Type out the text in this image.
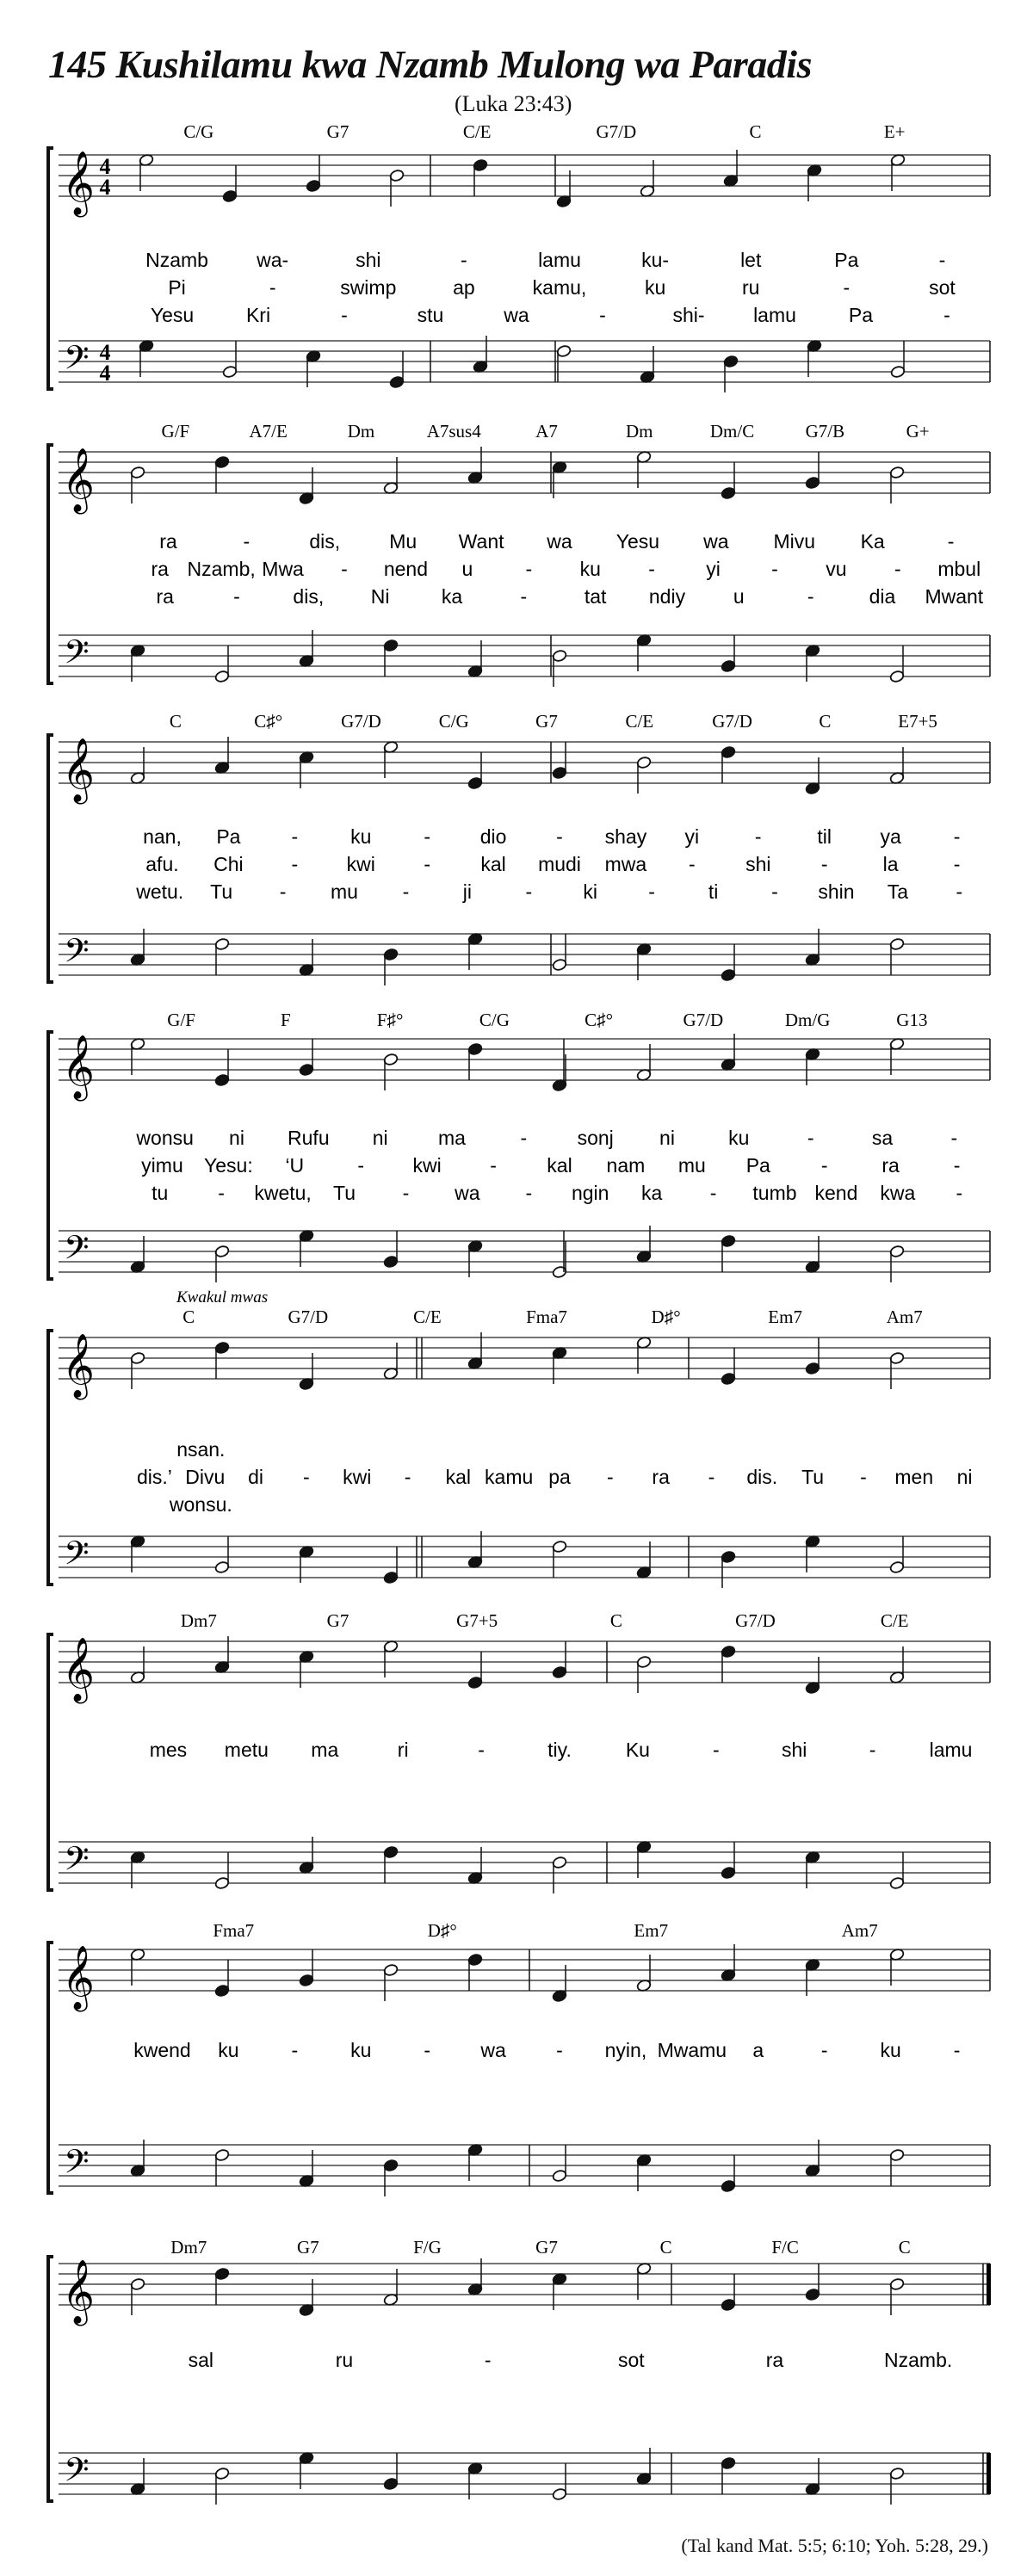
145 Kushilamu kwa Nzamb Mulong wa Paradis
(Luka 23:43)
𝄞
𝄢
4
4
4
4
C/G	G7	C/E	G7/D	C	E+
Nzamb wa-	shi	-	lamu	ku-	let	Pa	-
Pi	-	swimp	ap	kamu,	ku	ru	-	sot
Yesu	Kri	-	stu	wa	-	shi- lamu	Pa	-
𝄞
𝄢
G/F	A7/E	Dm	A7sus4	A7	Dm	Dm/C	G7/B	G+
ra	-	dis, Mu Want wa Yesu wa Mivu Ka	-
ra Nzamb, Mwa - nend u	- ku -	yi	- vu - mbul
ra	-	dis, Ni	ka	-	tat ndiy u	-	dia Mwant
𝄞
𝄢
C	C♯°	G7/D	C/G	G7	C/E	G7/D	C	E7+5
nan, Pa	-	ku	-	dio	- shay yi	-	til ya	-
afu. Chi - kwi -	kal mudi mwa -	shi	-	la	-
wetu. Tu - mu -	ji	-	ki	-	ti	- shin Ta -
𝄞
𝄢
G/F	F	F♯°	C/G	C♯°	G7/D	Dm/G	G13
wonsu ni Rufu ni	ma	-	sonj ni	ku	-	sa	-
yimu Yesu: ‘U	- kwi -	kal nam mu Pa	-	ra	-
tu	- kwetu, Tu - wa - ngin ka - tumb kend kwa -
𝄞
𝄢
C	G7/D	C/E	Fma7	D♯°	Em7	Am7
Kwakul mwas
nsan.
dis.’ Divu di - kwi - kal kamu pa - ra - dis. Tu - men ni
wonsu.
𝄞
𝄢
Dm7	G7	G7+5	C	G7/D	C/E
mes metu ma	ri	-	tiy.	Ku	-	shi	-	lamu
𝄞
𝄢
Fma7	D♯°	Em7	Am7
kwend ku	-	ku	-	wa	- nyin, Mwamu a	-	ku	-
𝄞
𝄢
Dm7	G7	F/G	G7	C	F/C	C
sal	ru	-	sot	ra	Nzamb.
(Tal kand Mat. 5:5; 6:10; Yoh. 5:28, 29.)
